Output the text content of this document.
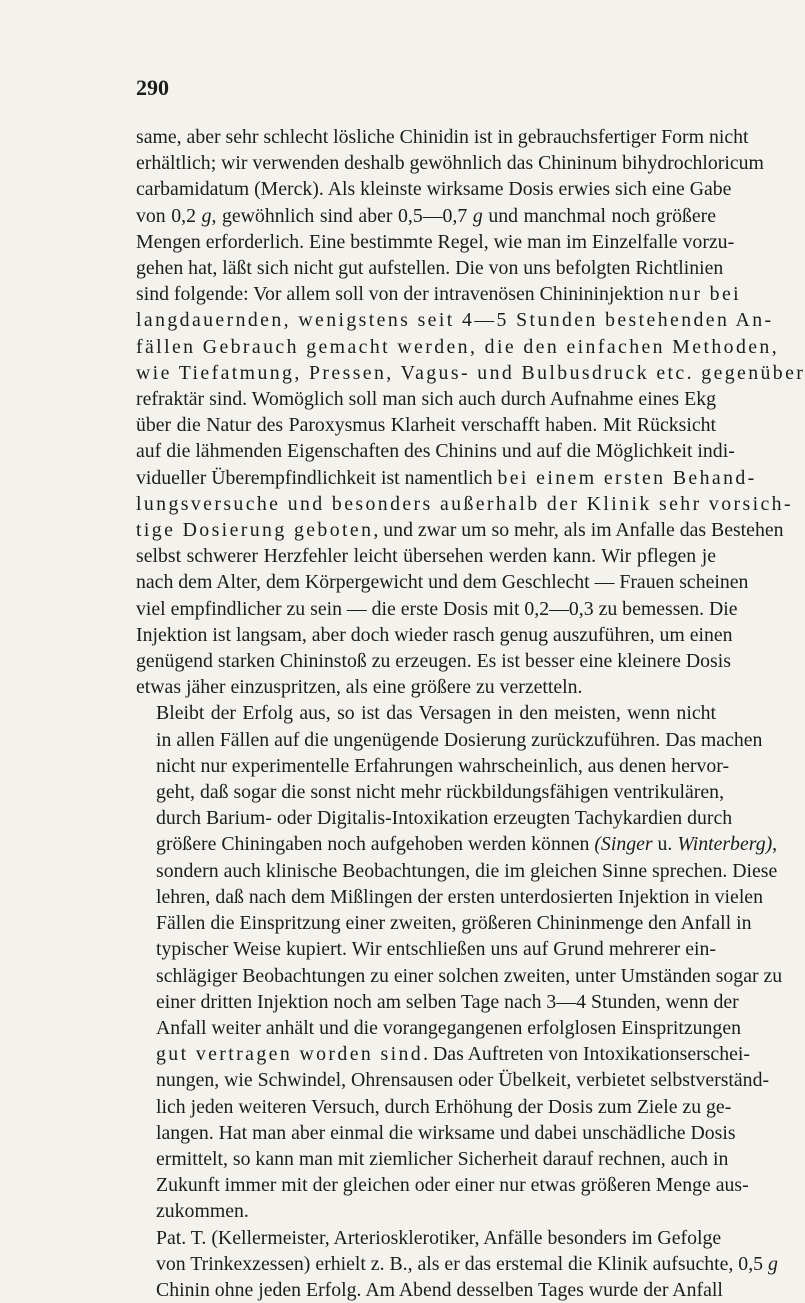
290

same, aber sehr schlecht lösliche Chinidin ist in gebrauchsfertiger Form nicht
erhältlich; wir verwenden deshalb gewöhnlich das Chininum bihydrochloricum
carbamidatum (Merck). Als kleinste wirksame Dosis erwies sich eine Gabe
von 0,2 g, gewöhnlich sind aber 0,5—0,7 g und manchmal noch größere
Mengen erforderlich. Eine bestimmte Regel, wie man im Einzelfalle vorzu-
gehen hat, läßt sich nicht gut aufstellen. Die von uns befolgten Richtlinien
sind folgende: Vor allem soll von der intravenösen Chinininjektion nur bei
langdauernden, wenigstens seit 4—5 Stunden bestehenden An-
fällen Gebrauch gemacht werden, die den einfachen Methoden,
wie Tiefatmung, Pressen, Vagus- und Bulbusdruck etc. gegenüber
refraktär sind. Womöglich soll man sich auch durch Aufnahme eines Ekg
über die Natur des Paroxysmus Klarheit verschafft haben. Mit Rücksicht
auf die lähmenden Eigenschaften des Chinins und auf die Möglichkeit indi-
vidueller Überempfindlichkeit ist namentlich bei einem ersten Behand-
lungsversuche und besonders außerhalb der Klinik sehr vorsich-
tige Dosierung geboten, und zwar um so mehr, als im Anfalle das Bestehen
selbst schwerer Herzfehler leicht übersehen werden kann. Wir pflegen je
nach dem Alter, dem Körpergewicht und dem Geschlecht — Frauen scheinen
viel empfindlicher zu sein — die erste Dosis mit 0,2—0,3 zu bemessen. Die
Injektion ist langsam, aber doch wieder rasch genug auszuführen, um einen
genügend starken Chininstoß zu erzeugen. Es ist besser eine kleinere Dosis
etwas jäher einzuspritzen, als eine größere zu verzetteln.

Bleibt der Erfolg aus, so ist das Versagen in den meisten, wenn nicht
in allen Fällen auf die ungenügende Dosierung zurückzuführen. Das machen
nicht nur experimentelle Erfahrungen wahrscheinlich, aus denen hervor-
geht, daß sogar die sonst nicht mehr rückbildungsfähigen ventrikulären,
durch Barium- oder Digitalis-Intoxikation erzeugten Tachykardien durch
größere Chiningaben noch aufgehoben werden können (Singer u. Winterberg),
sondern auch klinische Beobachtungen, die im gleichen Sinne sprechen. Diese
lehren, daß nach dem Mißlingen der ersten unterdosierten Injektion in vielen
Fällen die Einspritzung einer zweiten, größeren Chininmenge den Anfall in
typischer Weise kupiert. Wir entschließen uns auf Grund mehrerer ein-
schlägiger Beobachtungen zu einer solchen zweiten, unter Umständen sogar zu
einer dritten Injektion noch am selben Tage nach 3—4 Stunden, wenn der
Anfall weiter anhält und die vorangegangenen erfolglosen Einspritzungen
gut vertragen worden sind. Das Auftreten von Intoxikationserschei-
nungen, wie Schwindel, Ohrensausen oder Übelkeit, verbietet selbstverständ-
lich jeden weiteren Versuch, durch Erhöhung der Dosis zum Ziele zu ge-
langen. Hat man aber einmal die wirksame und dabei unschädliche Dosis
ermittelt, so kann man mit ziemlicher Sicherheit darauf rechnen, auch in
Zukunft immer mit der gleichen oder einer nur etwas größeren Menge aus-
zukommen.

Pat. T. (Kellermeister, Arteriosklerotiker, Anfälle besonders im Gefolge
von Trinkexzessen) erhielt z. B., als er das erstemal die Klinik aufsuchte, 0,5 g
Chinin ohne jeden Erfolg. Am Abend desselben Tages wurde der Anfall
